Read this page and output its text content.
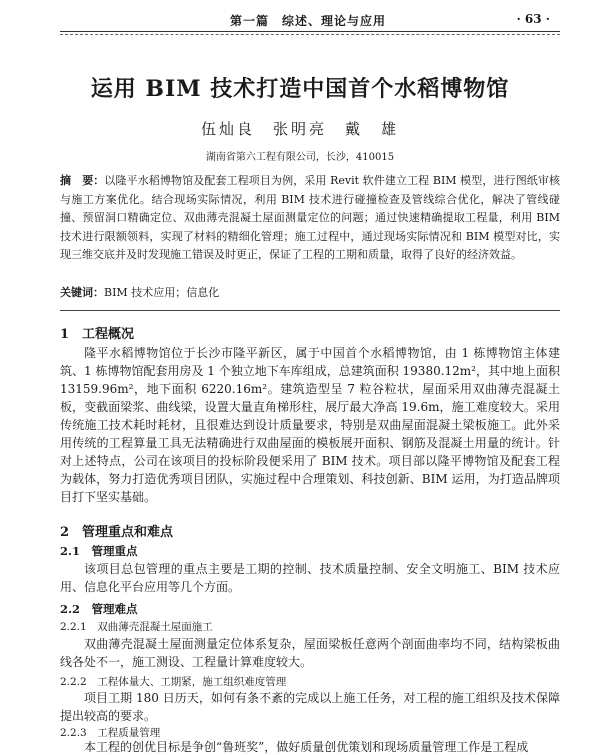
第一篇　综述、理论与应用	· 63 ·
运用 BIM 技术打造中国首个水稻博物馆
伍灿良　张明亮　戴　雄
湖南省第六工程有限公司，长沙，410015
摘　要：以隆平水稻博物馆及配套工程项目为例，采用 Revit 软件建立工程 BIM 模型，进行图纸审核与施工方案优化。结合现场实际情况，利用 BIM 技术进行碰撞检查及管线综合优化，解决了管线碰撞、预留洞口精确定位、双曲薄壳混凝土屋面测量定位的问题；通过快速精确提取工程量，利用 BIM 技术进行限额领料，实现了材料的精细化管理；施工过程中，通过现场实际情况和 BIM 模型对比，实现三维交底并及时发现施工错误及时更正，保证了工程的工期和质量，取得了良好的经济效益。
关键词：BIM 技术应用；信息化
1　工程概况
隆平水稻博物馆位于长沙市隆平新区，属于中国首个水稻博物馆，由 1 栋博物馆主体建筑、1 栋博物馆配套用房及 1 个独立地下车库组成，总建筑面积 19380.12m²，其中地上面积 13159.96m²，地下面积 6220.16m²。建筑造型呈 7 粒谷粒状，屋面采用双曲薄壳混凝土板，变截面梁浆、曲线梁，设置大量直角梯形柱，展厅最大净高 19.6m，施工难度较大。采用传统施工技术耗时耗材，且很难达到设计质量要求，特别是双曲屋面混凝土梁板施工。此外采用传统的工程算量工具无法精确进行双曲屋面的模板展开面积、钢筋及混凝土用量的统计。针对上述特点，公司在该项目的投标阶段便采用了 BIM 技术。项目部以隆平博物馆及配套工程为载体，努力打造优秀项目团队，实施过程中合理策划、科技创新、BIM 运用，为打造品牌项目打下坚实基础。
2　管理重点和难点
2.1　管理重点
该项目总包管理的重点主要是工期的控制、技术质量控制、安全文明施工、BIM 技术应用、信息化平台应用等几个方面。
2.2　管理难点
2.2.1　双曲薄壳混凝土屋面施工
双曲薄壳混凝土屋面测量定位体系复杂，屋面梁板任意两个剖面曲率均不同，结构梁板曲线各处不一，施工测设、工程量计算难度较大。
2.2.2　工程体量大、工期紧，施工组织难度管理
项目工期 180 日历天，如何有条不紊的完成以上施工任务，对工程的施工组织及技术保障提出较高的要求。
2.2.3　工程质量管理
本工程的创优目标是争创“鲁班奖”，做好质量创优策划和现场质量管理工作是工程成
